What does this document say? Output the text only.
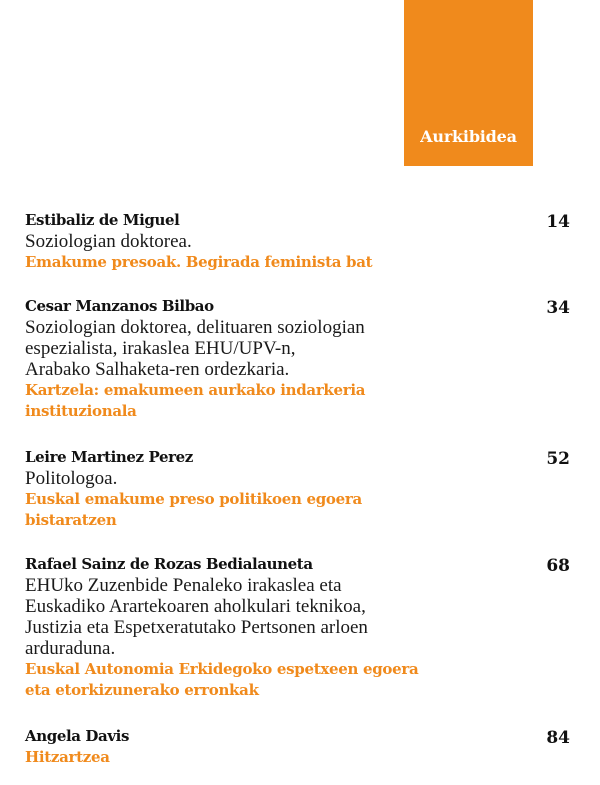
Aurkibidea
Estibaliz de Miguel
Soziologian doktorea.
Emakume presoak. Begirada feminista bat
14
Cesar Manzanos Bilbao
Soziologian doktorea, delituaren soziologian
espezialista, irakaslea EHU/UPV-n,
Arabako Salhaketa-ren ordezkaria.
Kartzela: emakumeen aurkako indarkeria
instituzionala
34
Leire Martinez Perez
Politologoa.
Euskal emakume preso politikoen egoera
bistaratzen
52
Rafael Sainz de Rozas Bedialauneta
EHUko Zuzenbide Penaleko irakaslea eta
Euskadiko Arartekoaren aholkulari teknikoa,
Justizia eta Espetxeratutako Pertsonen arloen
arduraduna.
Euskal Autonomia Erkidegoko espetxeen egoera
eta etorkizunerako erronkak
68
Angela Davis
Hitzartzea
84
